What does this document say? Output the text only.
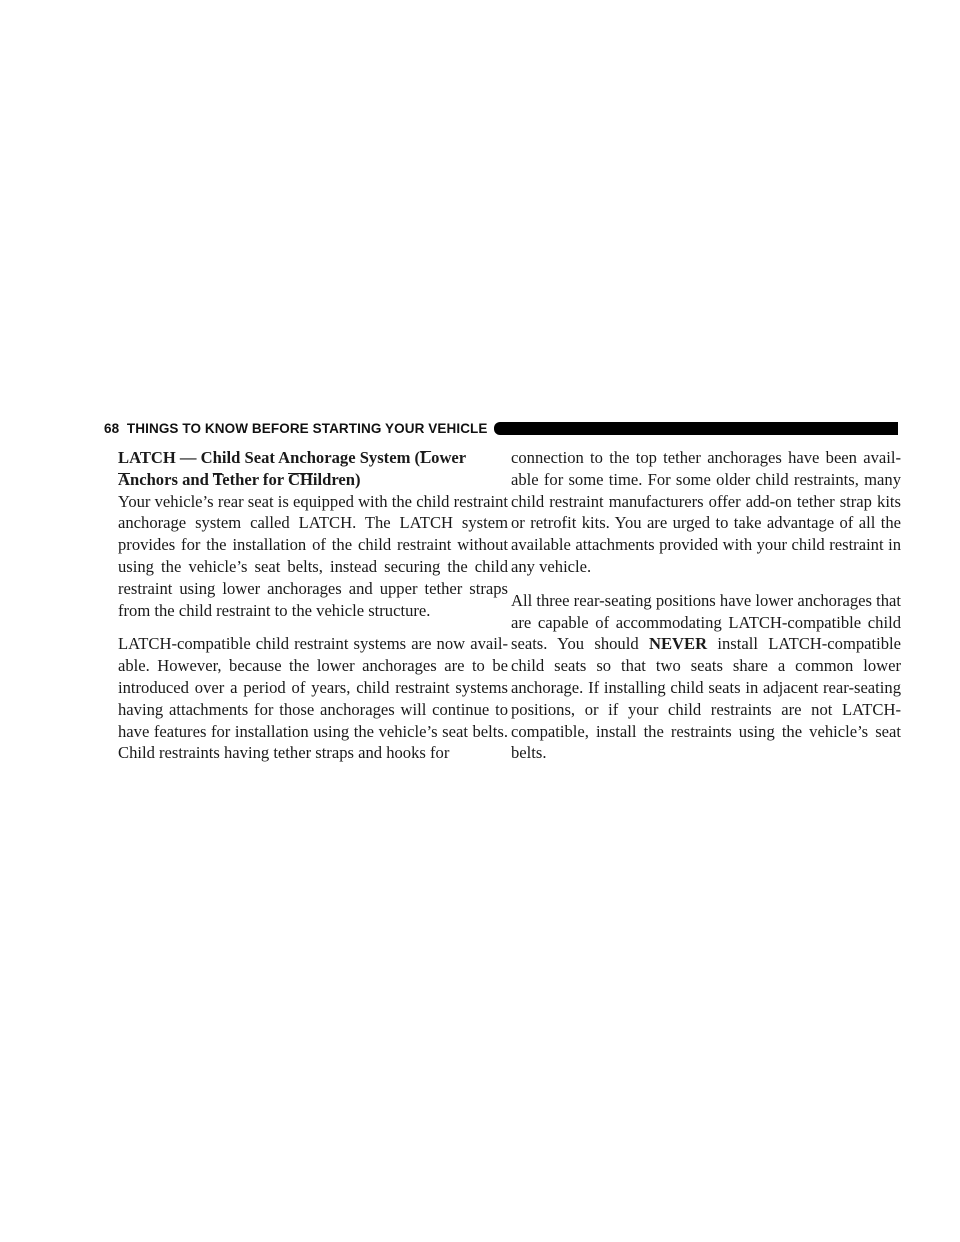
68 THINGS TO KNOW BEFORE STARTING YOUR VEHICLE
LATCH — Child Seat Anchorage System (Lower
Anchors and Tether for CHildren)

Your vehicle’s rear seat is equipped with the child restraint anchorage system called LATCH. The LATCH system provides for the installation of the child restraint without using the vehicle’s seat belts, instead securing the child restraint using lower anchorages and upper tether straps from the child restraint to the vehicle structure.

LATCH-compatible child restraint systems are now available. However, because the lower anchorages are to be introduced over a period of years, child restraint systems having attachments for those anchorages will continue to have features for installation using the vehicle’s seat belts. Child restraints having tether straps and hooks for

connection to the top tether anchorages have been available for some time. For some older child restraints, many child restraint manufacturers offer add-on tether strap kits or retrofit kits. You are urged to take advantage of all the available attachments provided with your child restraint in any vehicle.

All three rear-seating positions have lower anchorages that are capable of accommodating LATCH-compatible child seats. You should NEVER install LATCH-compatible child seats so that two seats share a common lower anchorage. If installing child seats in adjacent rear-seating positions, or if your child restraints are not LATCH-compatible, install the restraints using the vehicle’s seat belts.
